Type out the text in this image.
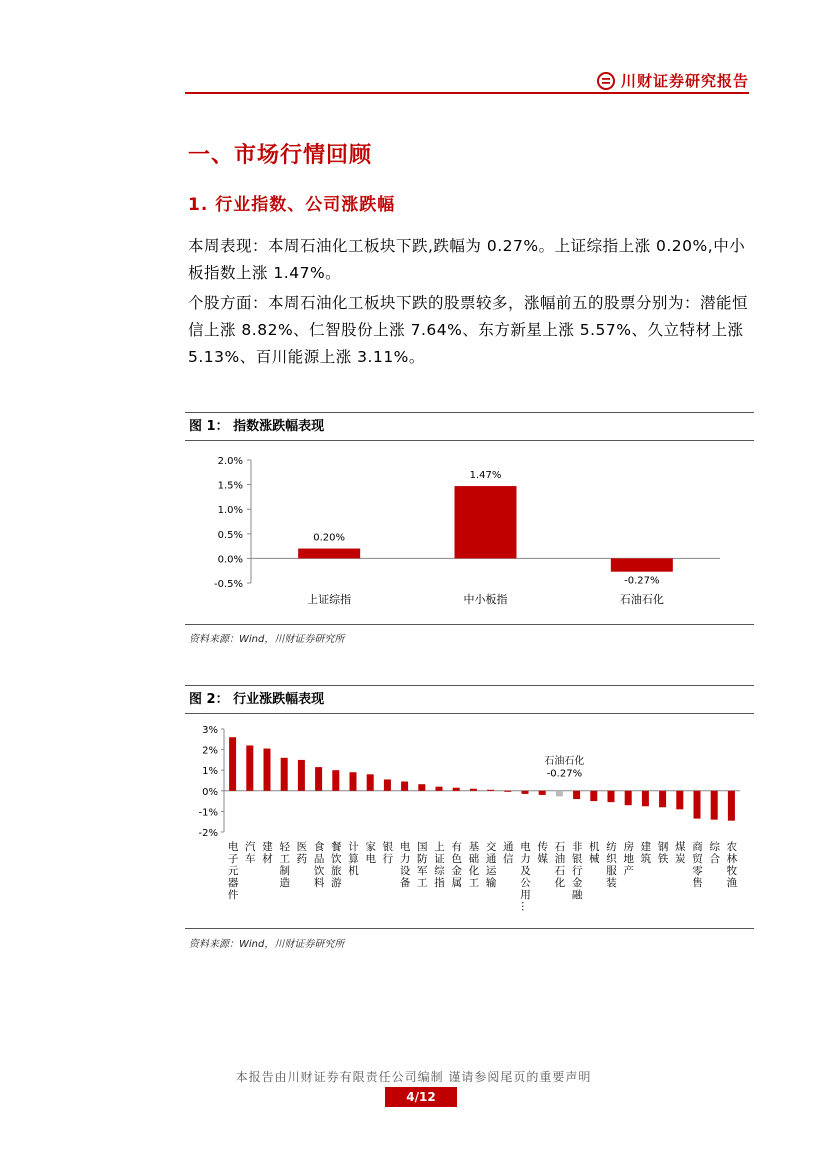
川财证券研究报告
一、市场行情回顾
1. 行业指数、公司涨跌幅
本周表现：本周石油化工板块下跌,跌幅为 0.27%。上证综指上涨 0.20%,中小板指数上涨 1.47%。
个股方面：本周石油化工板块下跌的股票较多，涨幅前五的股票分别为：潜能恒信上涨 8.82%、仁智股份上涨 7.64%、东方新星上涨 5.57%、久立特材上涨 5.13%、百川能源上涨 3.11%。
图 1： 指数涨跌幅表现
2.0%
1.5%
1.0%
0.5%
0.0%
-0.5%
0.20%
上证综指
1.47%
中小板指
-0.27%
石油石化
资料来源：Wind，川财证券研究所
图 2： 行业涨跌幅表现
3%
2%
1%
0%
-1%
-2%
电子元器件 汽车 建材 轻工制造 医药 食品饮料 餐饮旅游 计算机 家电 银行 电力设备 国防军工 上证综指 有色金属 基础化工 交通运输 通信 电力及公用… 传媒 石油石化
石油石化
-0.27%
非银行金融 机械 纺织服装 房地产 建筑 钢铁 煤炭 商贸零售 综合 农林牧渔
资料来源：Wind，川财证券研究所
本报告由川财证券有限责任公司编制 谨请参阅尾页的重要声明
4/12
